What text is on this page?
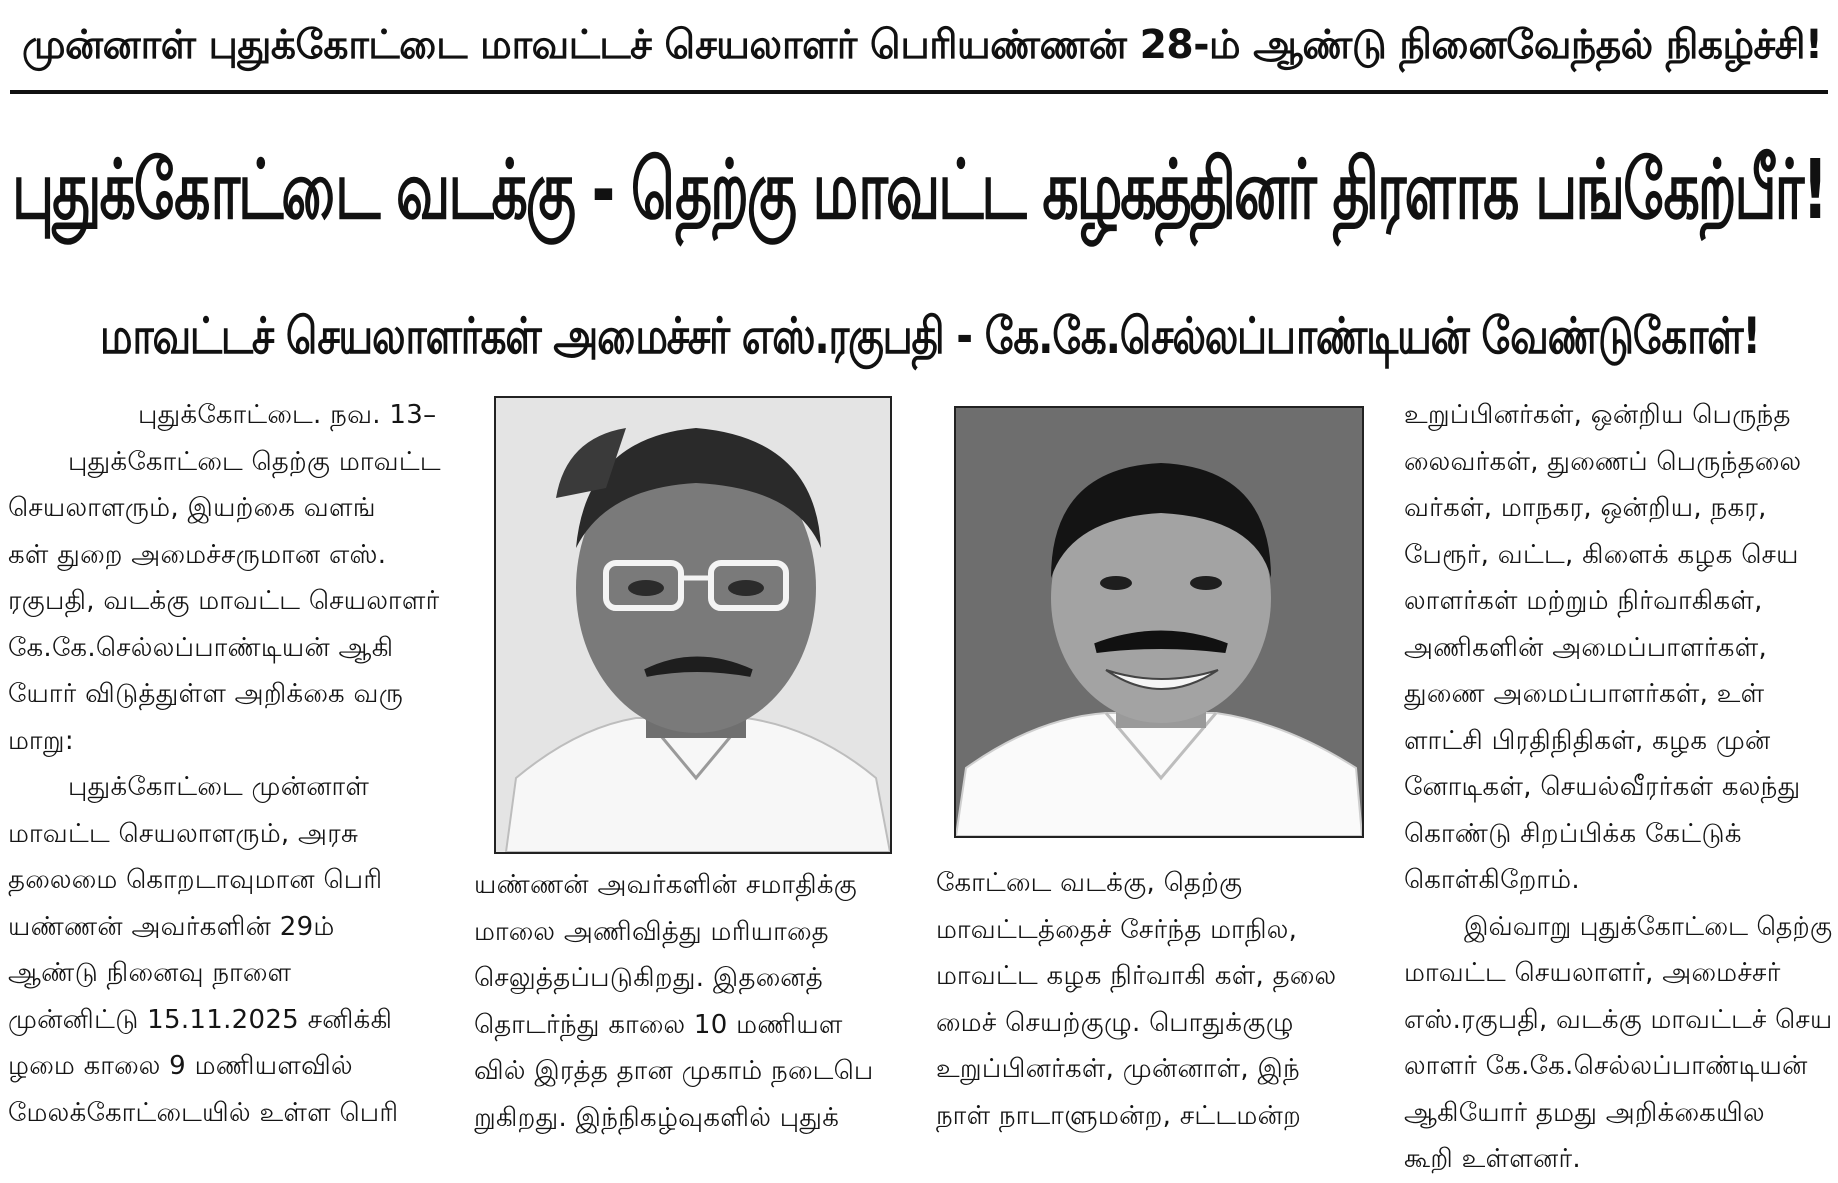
முன்னாள் புதுக்கோட்டை மாவட்டச் செயலாளர் பெரியண்ணன் 28-ம் ஆண்டு நினைவேந்தல் நிகழ்ச்சி!
புதுக்கோட்டை வடக்கு - தெற்கு மாவட்ட கழகத்தினர் திரளாக பங்கேற்பீர்!
மாவட்டச் செயலாளர்கள் அமைச்சர் எஸ்.ரகுபதி - கே.கே.செல்லப்பாண்டியன் வேண்டுகோள்!
புதுக்கோட்டை. நவ. 13–
புதுக்கோட்டை தெற்கு மாவட்ட
செயலாளரும், இயற்கை வளங்
கள் துறை அமைச்சருமான எஸ்.
ரகுபதி, வடக்கு மாவட்ட செயலாளர்
கே.கே.செல்லப்பாண்டியன் ஆகி
யோர் விடுத்துள்ள அறிக்கை வரு
மாறு:
புதுக்கோட்டை முன்னாள்
மாவட்ட செயலாளரும், அரசு
தலைமை கொறடாவுமான பெரி
யண்ணன் அவர்களின் 29ம்
ஆண்டு நினைவு நாளை
முன்னிட்டு 15.11.2025 சனிக்கி
ழமை காலை 9 மணியளவில்
மேலக்கோட்டையில் உள்ள பெரி
யண்ணன் அவர்களின் சமாதிக்கு
மாலை அணிவித்து மரியாதை
செலுத்தப்படுகிறது. இதனைத்
தொடர்ந்து காலை 10 மணியள
வில் இரத்த தான முகாம் நடைபெ
றுகிறது. இந்நிகழ்வுகளில் புதுக்
கோட்டை வடக்கு, தெற்கு
மாவட்டத்தைச் சேர்ந்த மாநில,
மாவட்ட கழக நிர்வாகி கள், தலை
மைச் செயற்குழு. பொதுக்குழு
உறுப்பினர்கள், முன்னாள், இந்
நாள் நாடாளுமன்ற, சட்டமன்ற
உறுப்பினர்கள், ஒன்றிய பெருந்த
லைவர்கள், துணைப் பெருந்தலை
வர்கள், மாநகர, ஒன்றிய, நகர,
பேரூர், வட்ட, கிளைக் கழக செய
லாளர்கள் மற்றும் நிர்வாகிகள்,
அணிகளின் அமைப்பாளர்கள்,
துணை அமைப்பாளர்கள், உள்
ளாட்சி பிரதிநிதிகள், கழக முன்
னோடிகள், செயல்வீரர்கள் கலந்து
கொண்டு சிறப்பிக்க கேட்டுக்
கொள்கிறோம்.
இவ்வாறு புதுக்கோட்டை தெற்கு
மாவட்ட செயலாளர், அமைச்சர்
எஸ்.ரகுபதி, வடக்கு மாவட்டச் செய
லாளர் கே.கே.செல்லப்பாண்டியன்
ஆகியோர் தமது அறிக்கையில
கூறி உள்ளனர்.
